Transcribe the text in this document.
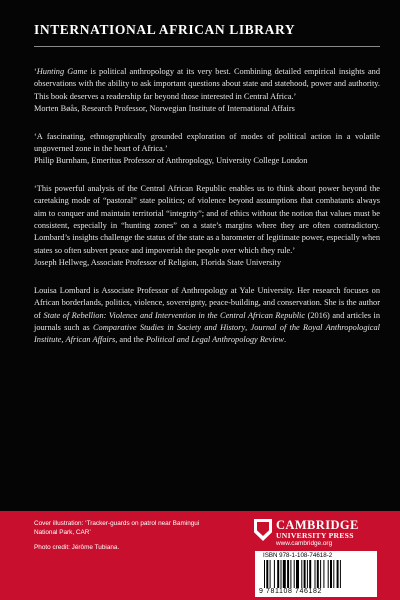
INTERNATIONAL AFRICAN LIBRARY

‘Hunting Game is political anthropology at its very best. Combining detailed empirical insights and observations with the ability to ask important questions about state and statehood, power and authority. This book deserves a readership far beyond those interested in Central Africa.’

Morten Bøås, Research Professor, Norwegian Institute of International Affairs

‘A fascinating, ethnographically grounded exploration of modes of political action in a volatile ungoverned zone in the heart of Africa.’

Philip Burnham, Emeritus Professor of Anthropology, University College London

‘This powerful analysis of the Central African Republic enables us to think about power beyond the caretaking mode of “pastoral” state politics; of violence beyond assumptions that combatants always aim to conquer and maintain territorial “integrity”; and of ethics without the notion that values must be consistent, especially in “hunting zones” on a state’s margins where they are often contradictory. Lombard’s insights challenge the status of the state as a barometer of legitimate power, especially when states so often subvert peace and impoverish the people over which they rule.’

Joseph Hellweg, Associate Professor of Religion, Florida State University

Louisa Lombard is Associate Professor of Anthropology at Yale University. Her research focuses on African borderlands, politics, violence, sovereignty, peace-building, and conservation. She is the author of State of Rebellion: Violence and Intervention in the Central African Republic (2016) and articles in journals such as Comparative Studies in Society and History, Journal of the Royal Anthropological Institute, African Affairs, and the Political and Legal Anthropology Review.

Cover illustration: ‘Tracker-guards on patrol near Bamingui National Park, CAR’

Photo credit: Jérôme Tubiana.

CAMBRIDGE
UNIVERSITY PRESS
www.cambridge.org
ISBN 978-1-108-74618-2
9 781108 746182
